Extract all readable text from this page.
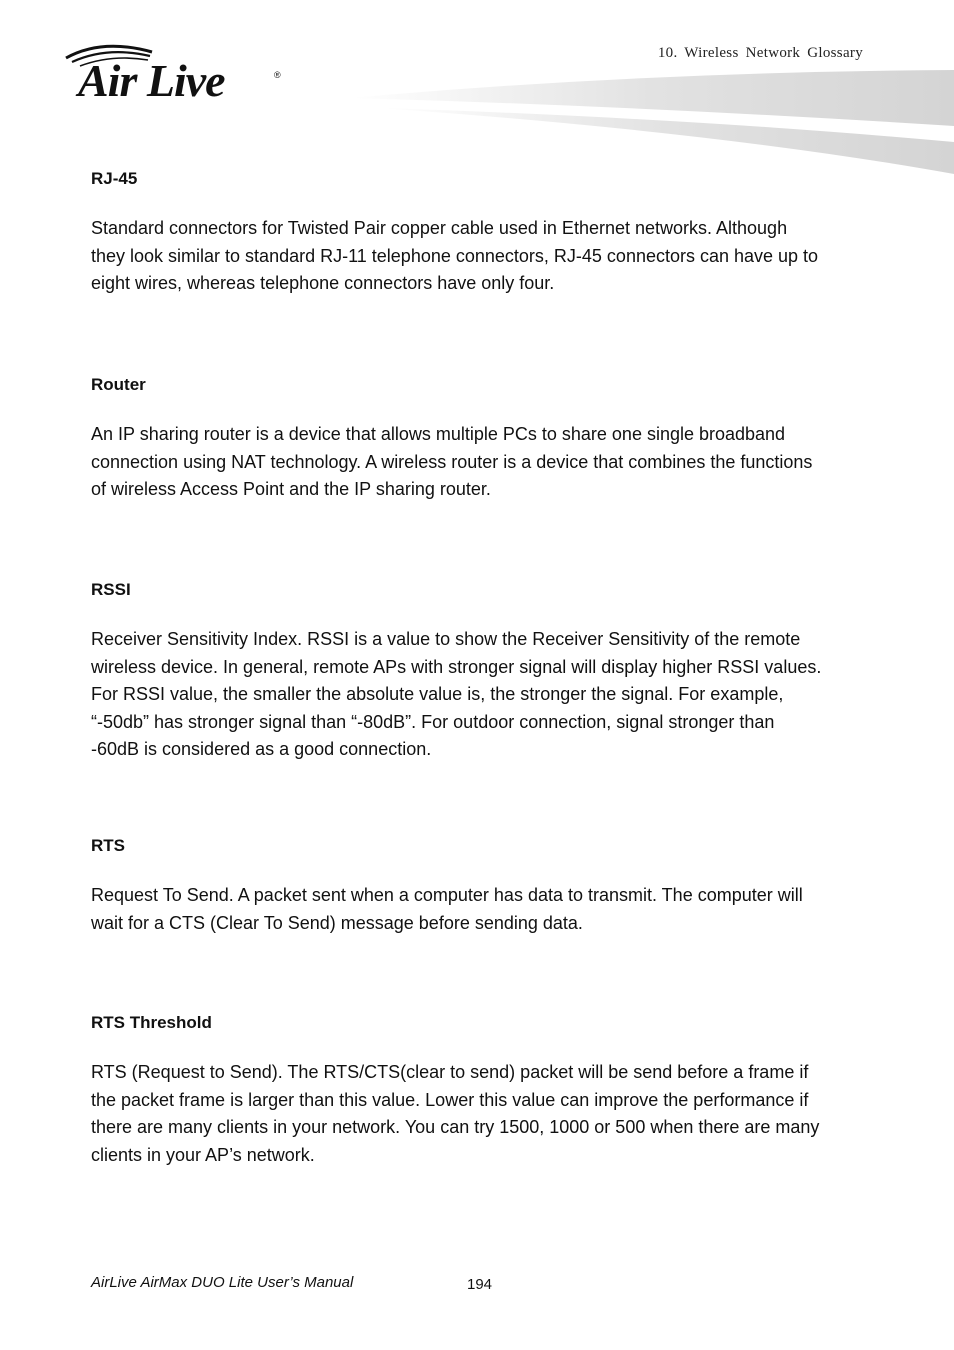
Air Live	®
10. Wireless Network Glossary
RJ-45

Standard connectors for Twisted Pair copper cable used in Ethernet networks. Although
they look similar to standard RJ-11 telephone connectors, RJ-45 connectors can have up to
eight wires, whereas telephone connectors have only four.

Router

An IP sharing router is a device that allows multiple PCs to share one single broadband
connection using NAT technology. A wireless router is a device that combines the functions
of wireless Access Point and the IP sharing router.

RSSI

Receiver Sensitivity Index. RSSI is a value to show the Receiver Sensitivity of the remote
wireless device. In general, remote APs with stronger signal will display higher RSSI values.
For RSSI value, the smaller the absolute value is, the stronger the signal. For example,
“-50db” has stronger signal than “-80dB”. For outdoor connection, signal stronger than
-60dB is considered as a good connection.

RTS

Request To Send. A packet sent when a computer has data to transmit. The computer will
wait for a CTS (Clear To Send) message before sending data.

RTS Threshold

RTS (Request to Send). The RTS/CTS(clear to send) packet will be send before a frame if
the packet frame is larger than this value. Lower this value can improve the performance if
there are many clients in your network. You can try 1500, 1000 or 500 when there are many
clients in your AP’s network.

AirLive AirMax DUO Lite User’s Manual	194
